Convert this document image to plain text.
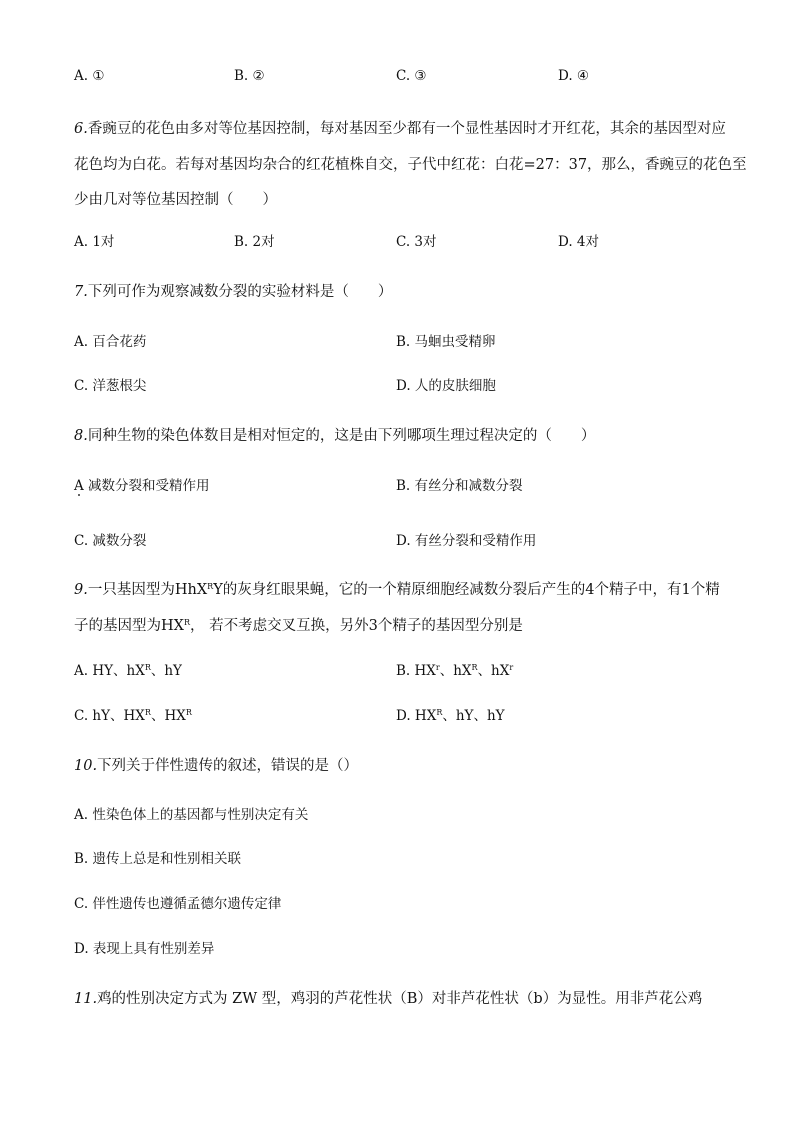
A. ①	B. ②	C. ③	D. ④
6.香豌豆的花色由多对等位基因控制，每对基因至少都有一个显性基因时才开红花，其余的基因型对应
花色均为白花。若每对基因均杂合的红花植株自交，子代中红花：白花=27：37，那么，香豌豆的花色至
少由几对等位基因控制（　　）
A. 1对	B. 2对	C. 3对	D. 4对
7.下列可作为观察减数分裂的实验材料是（　　）
A. 百合花药	B. 马蛔虫受精卵
C. 洋葱根尖	D. 人的皮肤细胞
8.同种生物的染色体数目是相对恒定的，这是由下列哪项生理过程决定的（　　）
A 减数分裂和受精作用	B. 有丝分和减数分裂
C. 减数分裂	D. 有丝分裂和受精作用
9.一只基因型为HhX$^R$Y的灰身红眼果蝇，它的一个精原细胞经减数分裂后产生的4个精子中，有1个精
子的基因型为$HX^R$， 若不考虑交叉互换，另外3个精子的基因型分别是
A. HY、$hX^R$、hY	B. $HX^r$、$hX^R$、$hX^r$
C. hY、$HX^R$、$HX^R$	D. $HX^R$、hY、hY
10.下列关于伴性遗传的叙述，错误的是（）
A. 性染色体上的基因都与性别决定有关
B. 遗传上总是和性别相关联
C. 伴性遗传也遵循孟德尔遗传定律
D. 表现上具有性别差异
11.鸡的性别决定方式为 ZW 型，鸡羽的芦花性状（B）对非芦花性状（b）为显性。用非芦花公鸡
